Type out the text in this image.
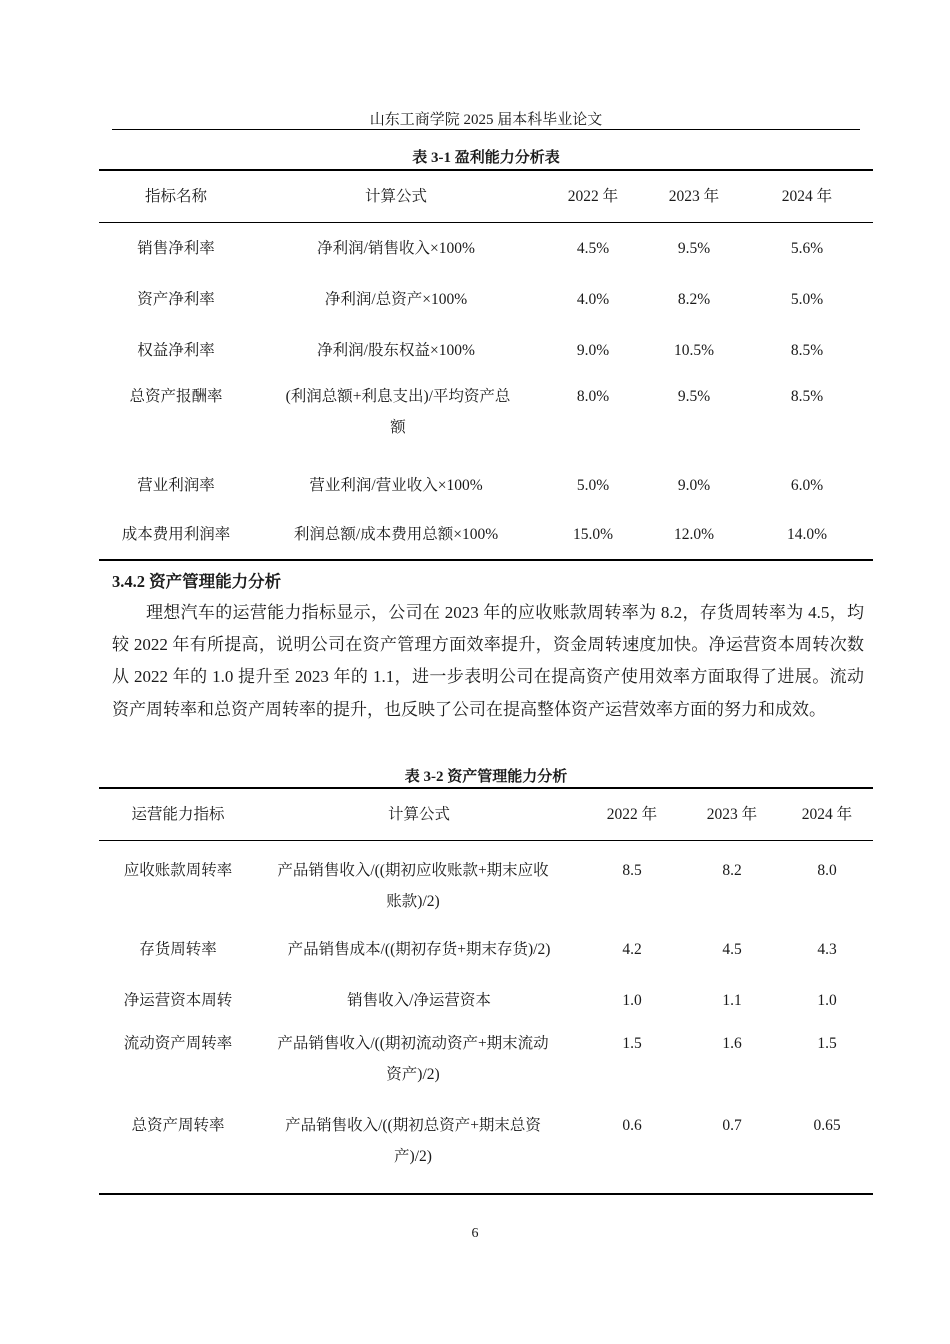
山东工商学院 2025 届本科毕业论文
表 3-1 盈利能力分析表
指标名称	计算公式	2022 年	2023 年	2024 年
销售净利率	净利润/销售收入×100%	4.5%	9.5%	5.6%
资产净利率	净利润/总资产×100%	4.0%	8.2%	5.0%
权益净利率	净利润/股东权益×100%	9.0%	10.5%	8.5%
总资产报酬率	(利润总额+利息支出)/平均资产总额	8.0%	9.5%	8.5%
营业利润率	营业利润/营业收入×100%	5.0%	9.0%	6.0%
成本费用利润率	利润总额/成本费用总额×100%	15.0%	12.0%	14.0%
3.4.2 资产管理能力分析

理想汽车的运营能力指标显示，公司在 2023 年的应收账款周转率为 8.2，存货周转率为 4.5，均较 2022 年有所提高，说明公司在资产管理方面效率提升，资金周转速度加快。净运营资本周转次数从 2022 年的 1.0 提升至 2023 年的 1.1，进一步表明公司在提高资产使用效率方面取得了进展。流动资产周转率和总资产周转率的提升，也反映了公司在提高整体资产运营效率方面的努力和成效。

表 3-2 资产管理能力分析
运营能力指标	计算公式	2022 年	2023 年	2024 年
应收账款周转率	产品销售收入/((期初应收账款+期末应收账款)/2)	8.5	8.2	8.0
存货周转率	产品销售成本/((期初存货+期末存货)/2)	4.2	4.5	4.3
净运营资本周转	销售收入/净运营资本	1.0	1.1	1.0
流动资产周转率	产品销售收入/((期初流动资产+期末流动资产)/2)	1.5	1.6	1.5
总资产周转率	产品销售收入/((期初总资产+期末总资产)/2)	0.6	0.7	0.65
6
